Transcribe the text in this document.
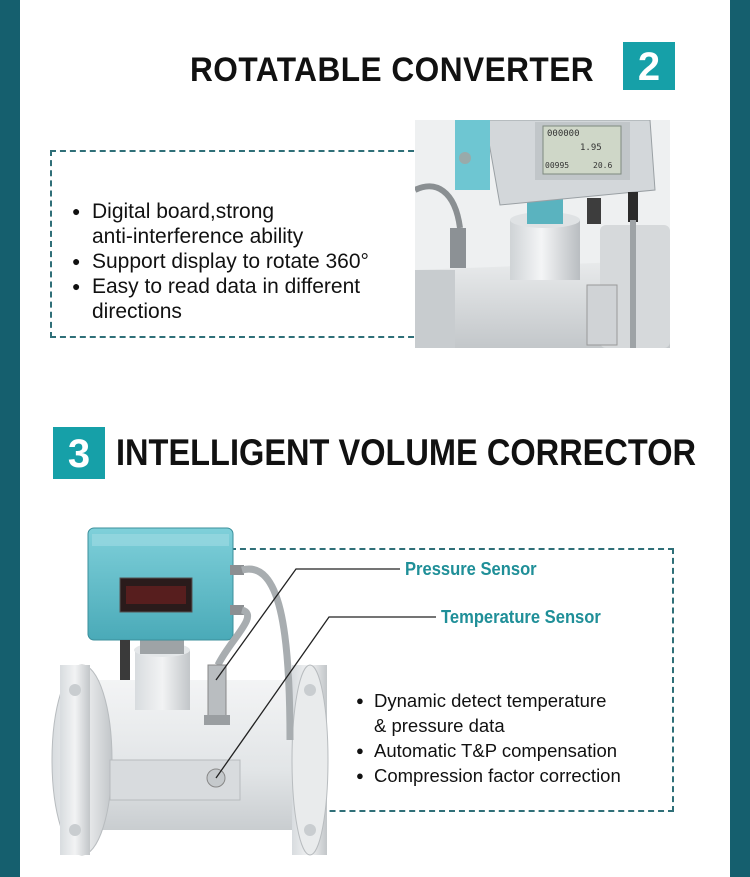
ROTATABLE CONVERTER	2
● Digital board,strong
anti-interference ability
● Support display to rotate 360°
● Easy to read data in different
directions
000000
1.95
00995	20.6
3 INTELLIGENT VOLUME CORRECTOR
Pressure Sensor
Temperature Sensor
● Dynamic detect temperature
& pressure data
● Automatic T&P compensation
● Compression factor correction
